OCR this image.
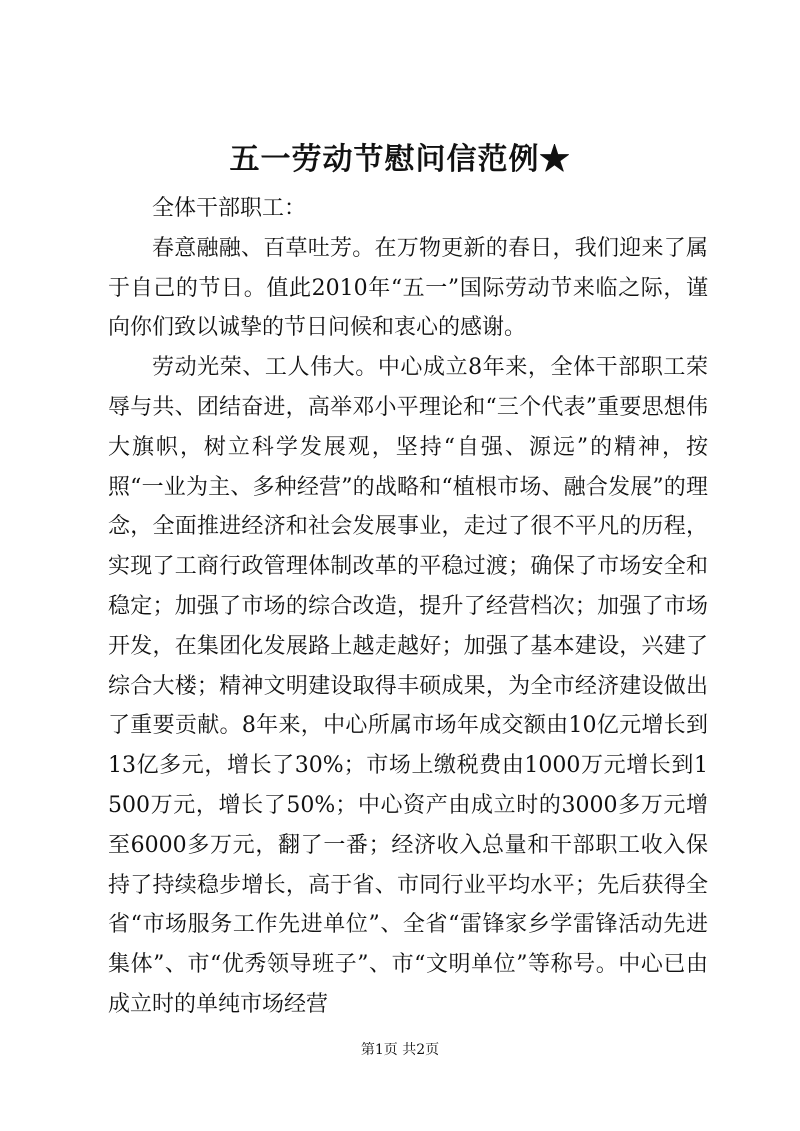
五一劳动节慰问信范例★

全体干部职工：

春意融融、百草吐芳。在万物更新的春日，我们迎来了属于自己的节日。值此2010年“五一”国际劳动节来临之际，谨向你们致以诚挚的节日问候和衷心的感谢。

劳动光荣、工人伟大。中心成立8年来，全体干部职工荣辱与共、团结奋进，高举邓小平理论和“三个代表”重要思想伟大旗帜，树立科学发展观，坚持“自强、源远”的精神，按照“一业为主、多种经营”的战略和“植根市场、融合发展”的理念，全面推进经济和社会发展事业，走过了很不平凡的历程，实现了工商行政管理体制改革的平稳过渡；确保了市场安全和稳定；加强了市场的综合改造，提升了经营档次；加强了市场开发，在集团化发展路上越走越好；加强了基本建设，兴建了综合大楼；精神文明建设取得丰硕成果，为全市经济建设做出了重要贡献。8年来，中心所属市场年成交额由10亿元增长到13亿多元，增长了30%；市场上缴税费由1000万元增长到1500万元，增长了50%；中心资产由成立时的3000多万元增至6000多万元，翻了一番；经济收入总量和干部职工收入保持了持续稳步增长，高于省、市同行业平均水平；先后获得全省“市场服务工作先进单位”、全省“雷锋家乡学雷锋活动先进集体”、市“优秀领导班子”、市“文明单位”等称号。中心已由成立时的单纯市场经营

第1页 共2页
